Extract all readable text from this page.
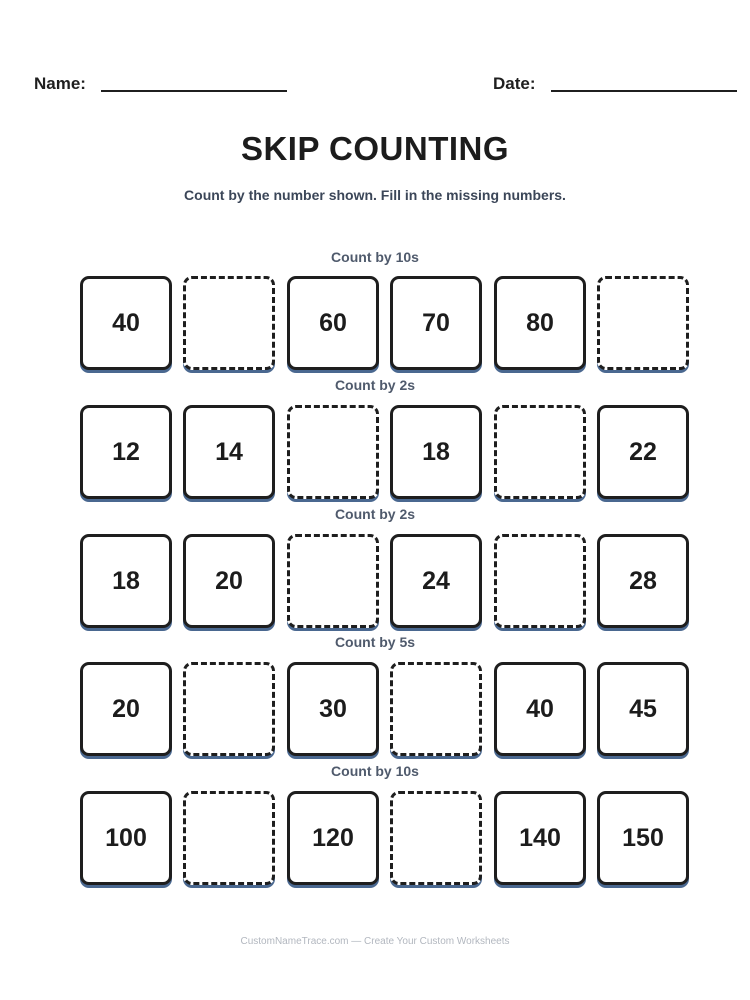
Name:	Date:
SKIP COUNTING
Count by the number shown. Fill in the missing numbers.
Count by 10s
40	60	70	80
Count by 2s
12	14	18	22
Count by 2s
18	20	24	28
Count by 5s
20	30	40	45
Count by 10s
100	120	140	150
CustomNameTrace.com — Create Your Custom Worksheets
